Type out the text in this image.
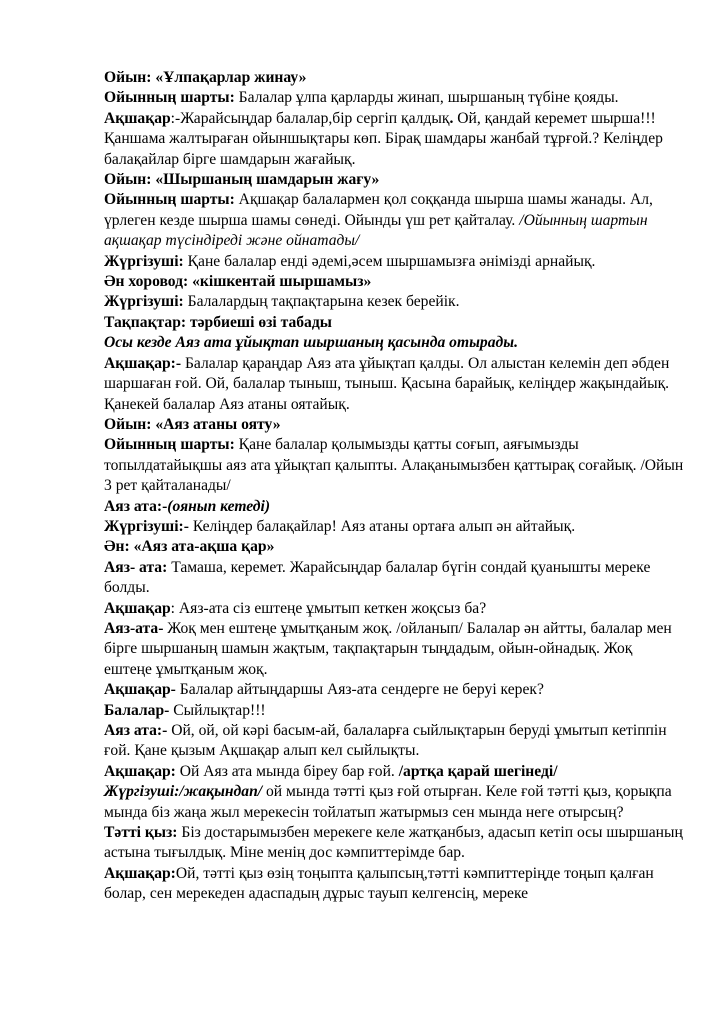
Ойын: «Ұлпақарлар жинау»

Ойынның шарты: Балалар ұлпа қарларды жинап, шыршаның түбіне қояды.

Ақшақар:-Жарайсыңдар балалар,бір сергіп қалдық. Ой, қандай керемет шырша!!! Қаншама жалтыраған ойыншықтары көп. Бірақ шамдары жанбай тұрғой.? Келіңдер балақайлар бірге шамдарын жағайық.

Ойын: «Шыршаның шамдарын жағу»

Ойынның шарты: Ақшақар балалармен қол соққанда шырша шамы жанады. Ал, үрлеген кезде шырша шамы сөнеді. Ойынды үш рет қайталау. /Ойынның шартын ақшақар түсіндіреді және ойнатады/

Жүргізуші: Қане балалар енді әдемі,әсем шыршамызға әнімізді арнайық.

Ән хоровод: «кішкентай шыршамыз»

Жүргізуші: Балалардың тақпақтарына кезек берейік.

Тақпақтар: тәрбиеші өзі табады

Осы кезде Аяз ата ұйықтап шыршаның қасында отырады.

Ақшақар:- Балалар қараңдар Аяз ата ұйықтап қалды. Ол алыстан келемін деп әбден шаршаған ғой. Ой, балалар тыныш, тыныш. Қасына барайық, келіңдер жақындайық. Қанекей балалар Аяз атаны оятайық.

Ойын: «Аяз атаны ояту»

Ойынның шарты: Қане балалар қолымызды қатты соғып, аяғымызды топылдатайықшы аяз ата ұйықтап қалыпты. Алақанымызбен қаттырақ соғайық. /Ойын 3 рет қайталанады/

Аяз ата:-(оянып кетеді)

Жүргізуші:- Келіңдер балақайлар! Аяз атаны ортаға алып ән айтайық.

Ән: «Аяз ата-ақша қар»

Аяз- ата: Тамаша, керемет. Жарайсыңдар балалар бүгін сондай қуанышты мереке болды.

Ақшақар: Аяз-ата сіз ештеңе ұмытып кеткен жоқсыз ба?

Аяз-ата- Жоқ мен ештеңе ұмытқаным жоқ. /ойланып/ Балалар ән айтты, балалар мен бірге шыршаның шамын жақтым, тақпақтарын тыңдадым, ойын-ойнадық. Жоқ ештеңе ұмытқаным жоқ.

Ақшақар- Балалар айтыңдаршы Аяз-ата сендерге не беруі керек?

Балалар- Сыйлықтар!!!

Аяз ата:- Ой, ой, ой кәрі басым-ай, балаларға сыйлықтарын беруді ұмытып кетіппін ғой. Қане қызым Ақшақар алып кел сыйлықты.

Ақшақар: Ой Аяз ата мында біреу бар ғой. /артқа қарай шегінеді/

Жүргізуші:/жақындап/ ой мында тәтті қыз ғой отырған. Келе ғой тәтті қыз, қорықпа мында біз жаңа жыл мерекесін тойлатып жатырмыз сен мында неге отырсың?

Тәтті қыз: Біз достарымызбен мерекеге келе жатқанбыз, адасып кетіп осы шыршаның астына тығылдық. Міне менің дос кәмпиттерімде бар.

Ақшақар:Ой, тәтті қыз өзің тоңыпта қалыпсың,тәтті кәмпиттеріңде тоңып қалған болар, сен мерекеден адаспадың дұрыс тауып келгенсің, мереке
